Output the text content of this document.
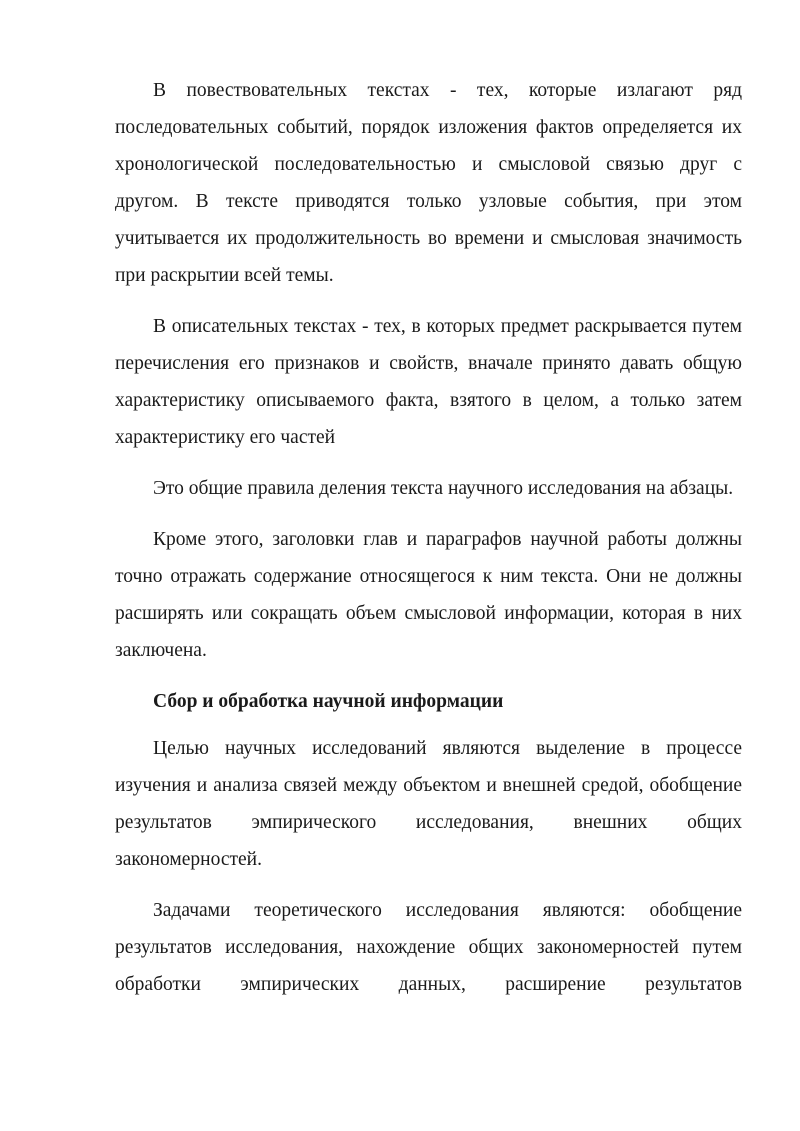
В повествовательных текстах - тех, которые излагают ряд последовательных событий, порядок изложения фактов определяется их хронологической последовательностью и смысловой связью друг с другом. В тексте приводятся только узловые события, при этом учитывается их продолжительность во времени и смысловая значимость при раскрытии всей темы.

В описательных текстах - тех, в которых предмет раскрывается путем перечисления его признаков и свойств, вначале принято давать общую характеристику описываемого факта, взятого в целом, а только затем характеристику его частей

Это общие правила деления текста научного исследования на абзацы.

Кроме этого, заголовки глав и параграфов научной работы должны точно отражать содержание относящегося к ним текста. Они не должны расширять или сокращать объем смысловой информации, которая в них заключена.

Сбор и обработка научной информации

Целью научных исследований являются выделение в процессе изучения и анализа связей между объектом и внешней средой, обобщение результатов эмпирического исследования, внешних общих закономерностей.

Задачами теоретического исследования являются: обобщение результатов исследования, нахождение общих закономерностей путем обработки эмпирических данных, расширение результатов
